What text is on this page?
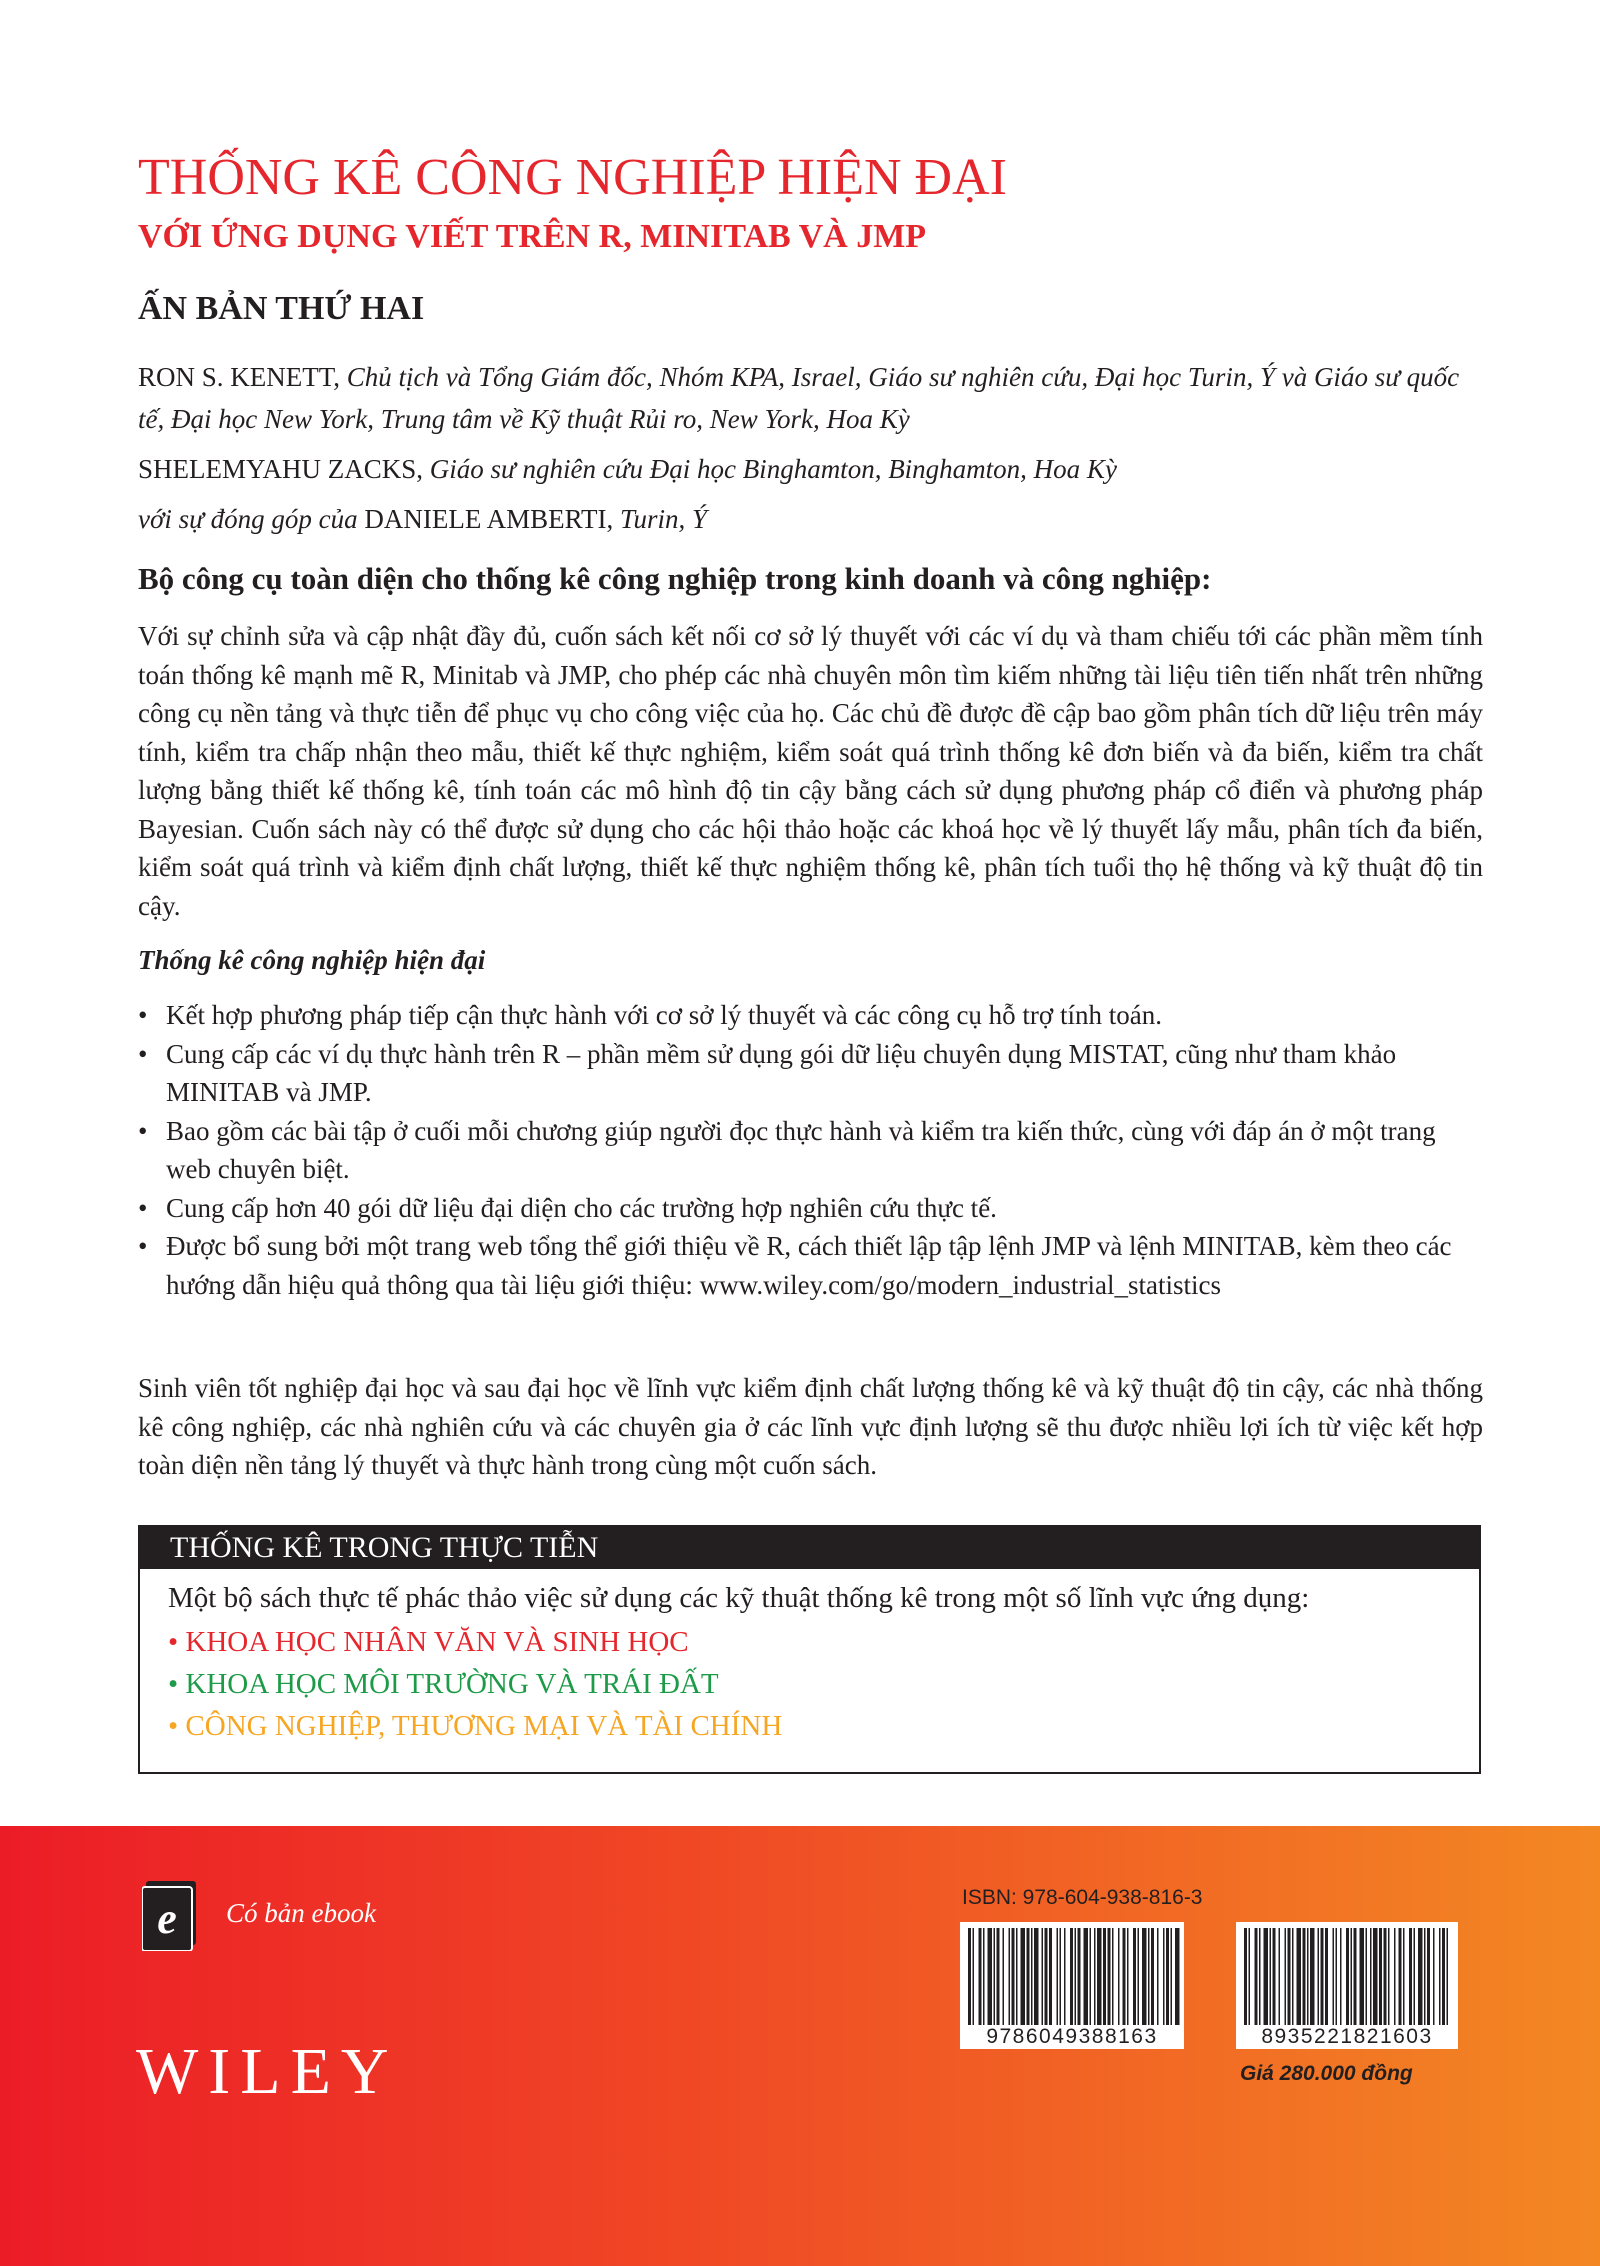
THỐNG KÊ CÔNG NGHIỆP HIỆN ĐẠI
VỚI ỨNG DỤNG VIẾT TRÊN R, MINITAB VÀ JMP
ẤN BẢN THỨ HAI

RON S. KENETT, Chủ tịch và Tổng Giám đốc, Nhóm KPA, Israel, Giáo sư nghiên cứu, Đại học Turin, Ý và Giáo sư quốc tế, Đại học New York, Trung tâm về Kỹ thuật Rủi ro, New York, Hoa Kỳ

SHELEMYAHU ZACKS, Giáo sư nghiên cứu Đại học Binghamton, Binghamton, Hoa Kỳ

với sự đóng góp của DANIELE AMBERTI, Turin, Ý

Bộ công cụ toàn diện cho thống kê công nghiệp trong kinh doanh và công nghiệp:

Với sự chỉnh sửa và cập nhật đầy đủ, cuốn sách kết nối cơ sở lý thuyết với các ví dụ và tham chiếu tới các phần mềm tính toán thống kê mạnh mẽ R, Minitab và JMP, cho phép các nhà chuyên môn tìm kiếm những tài liệu tiên tiến nhất trên những công cụ nền tảng và thực tiễn để phục vụ cho công việc của họ. Các chủ đề được đề cập bao gồm phân tích dữ liệu trên máy tính, kiểm tra chấp nhận theo mẫu, thiết kế thực nghiệm, kiểm soát quá trình thống kê đơn biến và đa biến, kiểm tra chất lượng bằng thiết kế thống kê, tính toán các mô hình độ tin cậy bằng cách sử dụng phương pháp cổ điển và phương pháp Bayesian. Cuốn sách này có thể được sử dụng cho các hội thảo hoặc các khoá học về lý thuyết lấy mẫu, phân tích đa biến, kiểm soát quá trình và kiểm định chất lượng, thiết kế thực nghiệm thống kê, phân tích tuổi thọ hệ thống và kỹ thuật độ tin cậy.

Thống kê công nghiệp hiện đại
• Kết hợp phương pháp tiếp cận thực hành với cơ sở lý thuyết và các công cụ hỗ trợ tính toán.
• Cung cấp các ví dụ thực hành trên R – phần mềm sử dụng gói dữ liệu chuyên dụng MISTAT, cũng như tham khảo MINITAB và JMP.
• Bao gồm các bài tập ở cuối mỗi chương giúp người đọc thực hành và kiểm tra kiến thức, cùng với đáp án ở một trang web chuyên biệt.
• Cung cấp hơn 40 gói dữ liệu đại diện cho các trường hợp nghiên cứu thực tế.
• Được bổ sung bởi một trang web tổng thể giới thiệu về R, cách thiết lập tập lệnh JMP và lệnh MINITAB, kèm theo các hướng dẫn hiệu quả thông qua tài liệu giới thiệu: www.wiley.com/go/modern_industrial_statistics

Sinh viên tốt nghiệp đại học và sau đại học về lĩnh vực kiểm định chất lượng thống kê và kỹ thuật độ tin cậy, các nhà thống kê công nghiệp, các nhà nghiên cứu và các chuyên gia ở các lĩnh vực định lượng sẽ thu được nhiều lợi ích từ việc kết hợp toàn diện nền tảng lý thuyết và thực hành trong cùng một cuốn sách.

THỐNG KÊ TRONG THỰC TIỄN

Một bộ sách thực tế phác thảo việc sử dụng các kỹ thuật thống kê trong một số lĩnh vực ứng dụng:

• KHOA HỌC NHÂN VĂN VÀ SINH HỌC
• KHOA HỌC MÔI TRƯỜNG VÀ TRÁI ĐẤT
• CÔNG NGHIỆP, THƯƠNG MẠI VÀ TÀI CHÍNH
e Có bản ebook

WILEY

ISBN: 978-604-938-816-3

9786049388163	8935221821603

Giá 280.000 đồng
